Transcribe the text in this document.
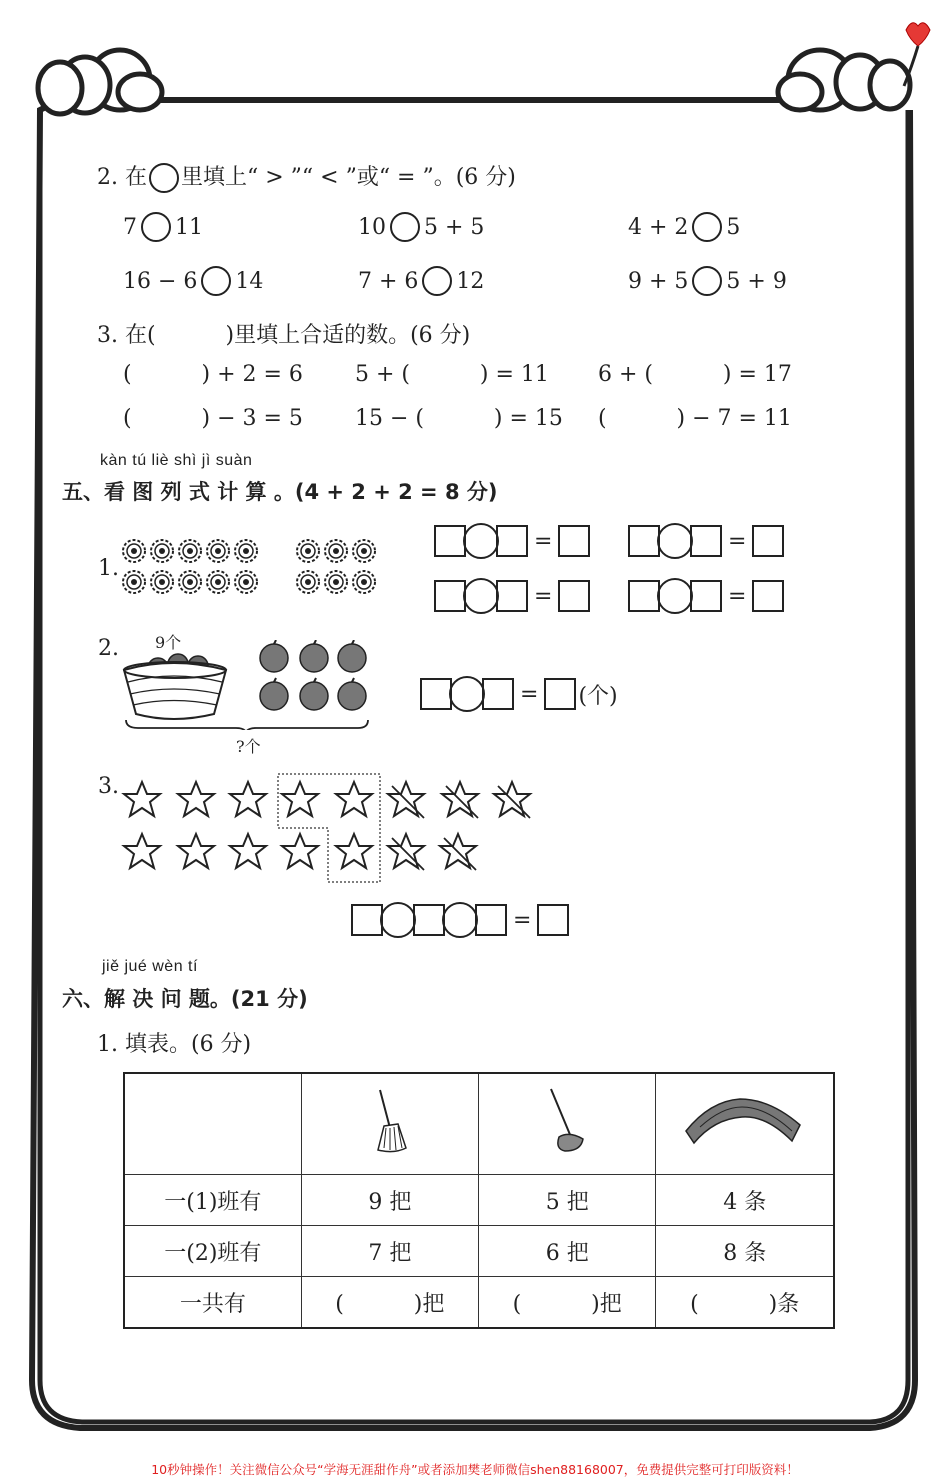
2. 在 里填上“ > ”“ < ”或“ = ”。(6 分)
7 11	10 5 + 5	4 + 2 5
16 − 6 14	7 + 6 12	9 + 5 5 + 9
3. 在(          )里填上合适的数。(6 分)
(          ) + 2 = 6 5 + (          ) = 11 6 + (          ) = 17
(          ) − 3 = 5 15 − (          ) = 15 (          ) − 7 = 11
kàn tú liè shì jì suàn
五、看 图 列 式 计 算 。(4 + 2 + 2 = 8 分)
1.
=	=
=	=
2. 9个
?个
= (个)
3.
=
jiě jué wèn tí
六、解 决 问 题。(21 分)
1. 填表。(6 分)

一(1)班有	9 把	5 把	4 条
一(2)班有	7 把	6 把	8 条
一共有	(          )把	(          )把	(          )条
10秒钟操作！关注微信公众号“学海无涯甜作舟”或者添加樊老师微信shen88168007，免费提供完整可打印版资料！
